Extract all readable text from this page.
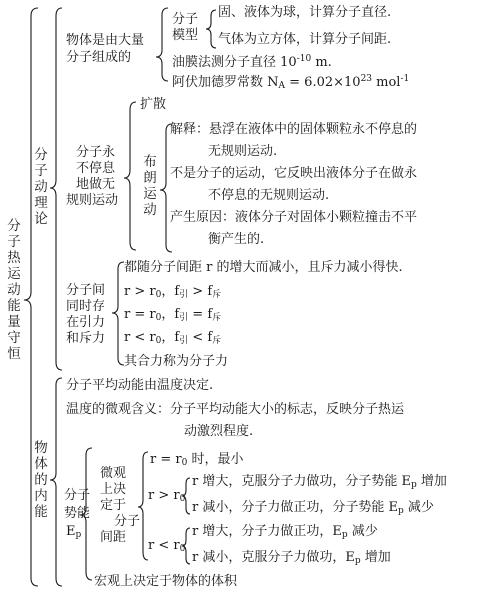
分子热运动能量守恒
分子动理论
物体是由大量
分子组成的
分子
模型
固、液体为球，计算分子直径.
气体为立方体，计算分子间距.
油膜法测分子直径 $10^{-10}$ m.
阿伏加德罗常数 NA = $6.02\times 10^{23}$ mol$^{-1}$
分子永
不停息
地做无
规则运动
扩散
布朗运动
解释：悬浮在液体中的固体颗粒永不停息的
无规则运动.
不是分子的运动，它反映出液体分子在做永
不停息的无规则运动.
产生原因：液体分子对固体小颗粒撞击不平
衡产生的.
分子间
同时存
在引力
和斥力
都随分子间距 r 的增大而减小，且斥力减小得快.
r > r0，f引 > f斥
r = r0，f引 = f斥
r < r0，f引 < f斥
其合力称为分子力
物体的内能
分子平均动能由温度决定.
温度的微观含义：分子平均动能大小的标志，反映分子热运
动激烈程度.
分子
势能
Ep
微观
上决
定于
分子
间距
r = r0 时，最小
r > r0
r 增大，克服分子力做功，分子势能 Ep 增加
r 减小，分子力做正功，分子势能 Ep 减少
r < r0
r 增大，分子力做正功，Ep 减少
r 减小，克服分子力做功，Ep 增加
宏观上决定于物体的体积
